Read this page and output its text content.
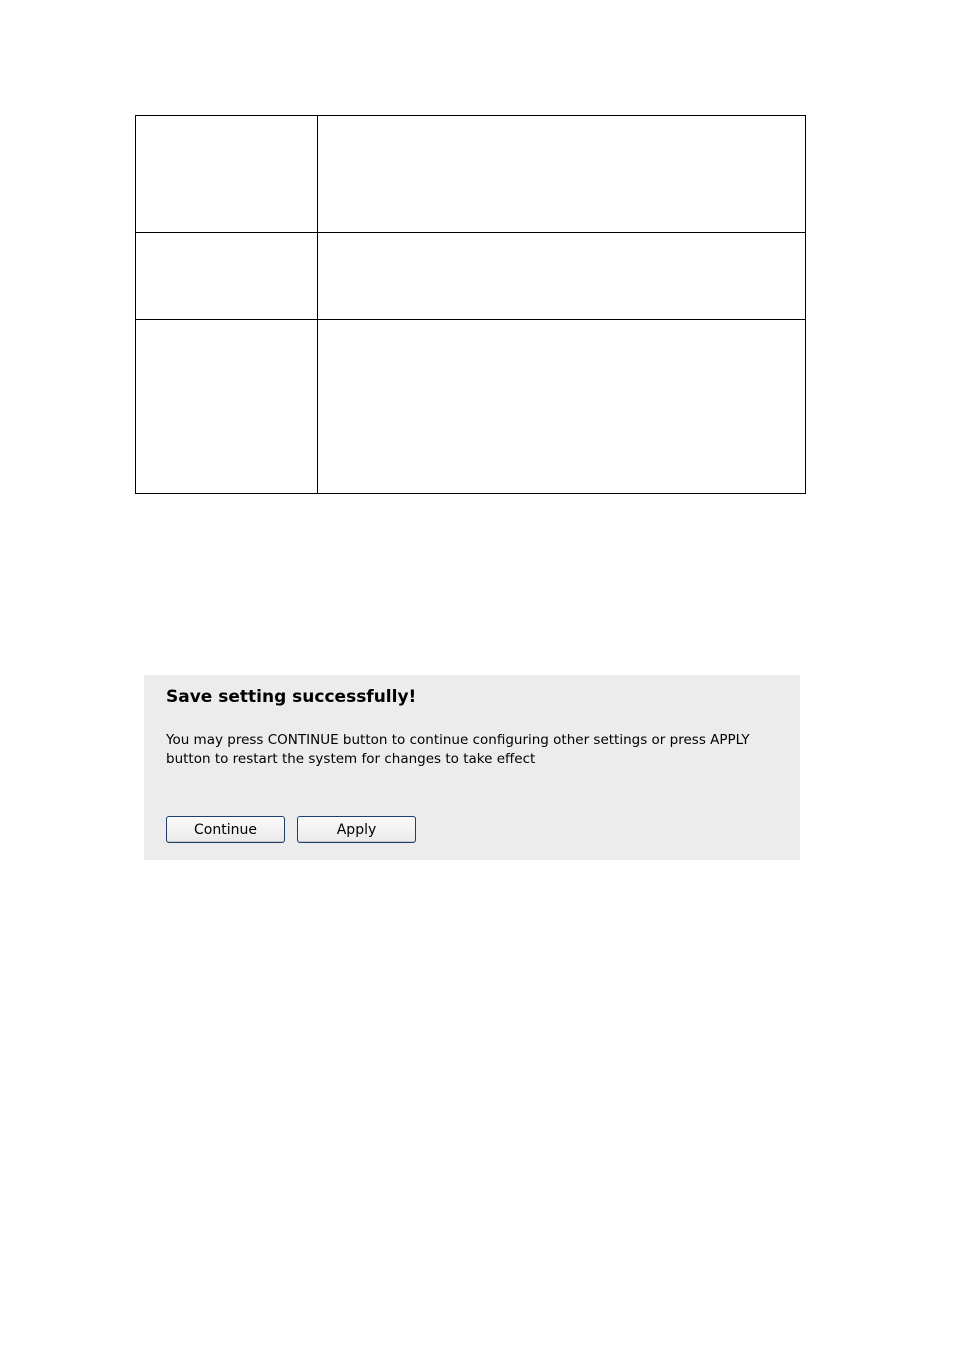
Save setting successfully!

You may press CONTINUE button to continue configuring other settings or press APPLY button to restart the system for changes to take effect

Continue	Apply
